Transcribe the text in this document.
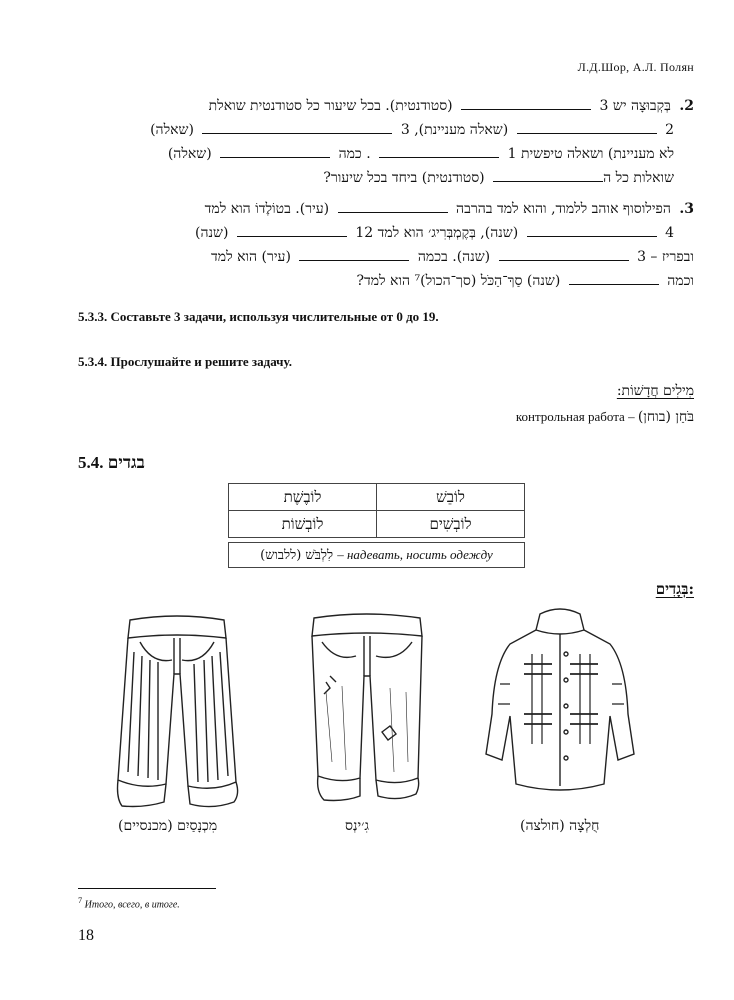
Л.Д.Шор, А.Л. Полян
2. בְּקְבוּצָה יש 3  (סטודנטית). בכל שיעור כל סטודנטית שואלת
2  (שאלה מעניינת), 3  (שאלה)
לא מעניינת) ושאלה טיפשית 1  . כמה  (שאלה)
שואלות כל ה (סטודנטית) ביחד בכל שיעור?
3. הפילוסוף אוהב ללמוד, והוא למד בהרבה  (עיר). בטוֹלֶדוֹ הוא למד
4  (שנה), בְּקֶמְבְּרִיג׳ הוא למד 12  (שנה)
ובפריז – 3  (שנה). בכמה  (עיר) הוא למד
וכמה  (שנה) סַךְ־הַכֹּל (סך־הכול)⁷ הוא למד?
5.3.3. Составьте 3 задачи, используя числительные от 0 до 19.
5.3.4. Прослушайте и решите задачу.
מִילִים חֲדָשׁוֹת:
контрольная работа – בֹּחַן (בוחן)
5.4. בגדים
לוֹבֵשׁ	לוֹבֶשֶׁת
לוֹבְשִׁים	לוֹבְשׁוֹת
לִלְבֹּשׁ (ללבוש) – надевать, носить одежду
בְּגָדִים:
חֻלְצָה (חולצה)
גִ׳ינְס
מִכְנָסַיִם (מכנסיים)
$^7$ Итого, всего, в итоге.
18
